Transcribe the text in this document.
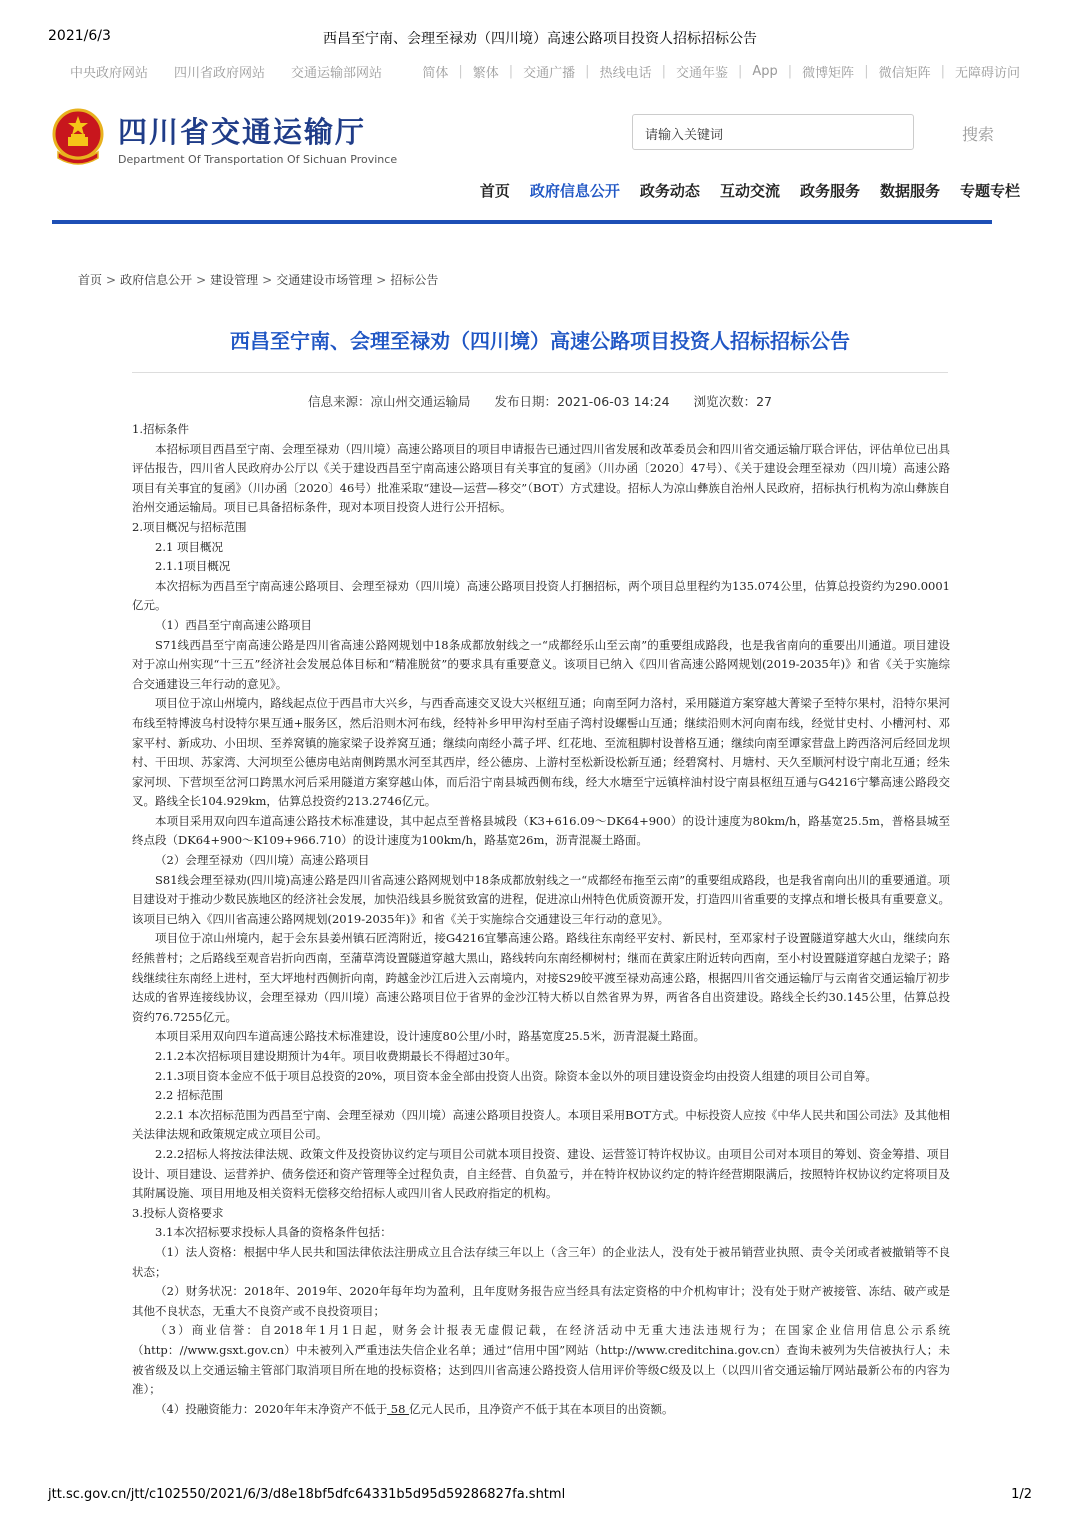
2021/6/3	西昌至宁南、会理至禄劝（四川境）高速公路项目投资人招标招标公告
中央政府网站 四川省政府网站 交通运输部网站	简体 | 繁体 | 交通广播 | 热线电话 | 交通年鉴 | App | 微博矩阵 | 微信矩阵 | 无障碍访问
四川省交通运输厅
Department Of Transportation Of Sichuan Province
请输入关键词	搜索
首页 政府信息公开 政务动态 互动交流 政务服务 数据服务 专题专栏
首页 > 政府信息公开 > 建设管理 > 交通建设市场管理 > 招标公告
西昌至宁南、会理至禄劝（四川境）高速公路项目投资人招标招标公告
信息来源：凉山州交通运输局 发布日期：2021-06-03 14:24 浏览次数：27

1.招标条件

本招标项目西昌至宁南、会理至禄劝（四川境）高速公路项目的项目申请报告已通过四川省发展和改革委员会和四川省交通运输厅联合评估，评估单位已出具评估报告，四川省人民政府办公厅以《关于建设西昌至宁南高速公路项目有关事宜的复函》（川办函〔2020〕47号）、《关于建设会理至禄劝（四川境）高速公路项目有关事宜的复函》（川办函〔2020〕46号）批准采取“建设—运营—移交”（BOT）方式建设。招标人为凉山彝族自治州人民政府，招标执行机构为凉山彝族自治州交通运输局。项目已具备招标条件，现对本项目投资人进行公开招标。

2.项目概况与招标范围

2.1 项目概况

2.1.1项目概况

本次招标为西昌至宁南高速公路项目、会理至禄劝（四川境）高速公路项目投资人打捆招标，两个项目总里程约为135.074公里，估算总投资约为290.0001亿元。

（1）西昌至宁南高速公路项目

S71线西昌至宁南高速公路是四川省高速公路网规划中18条成都放射线之一“成都经乐山至云南”的重要组成路段，也是我省南向的重要出川通道。项目建设对于凉山州实现“十三五”经济社会发展总体目标和“精准脱贫”的要求具有重要意义。该项目已纳入《四川省高速公路网规划(2019-2035年)》和省《关于实施综合交通建设三年行动的意见》。

项目位于凉山州境内，路线起点位于西昌市大兴乡，与西香高速交叉设大兴枢纽互通；向南至阿力洛村，采用隧道方案穿越大菁梁子至特尔果村，沿特尔果河布线至特博波乌村设特尔果互通+服务区，然后沿则木河布线，经特补乡甲甲沟村至庙子湾村设螺髻山互通；继续沿则木河向南布线，经觉甘史村、小槽河村、邓家平村、新成功、小田坝、至养窝镇的施家梁子设养窝互通；继续向南经小蒿子坪、红花地、至流租脚村设普格互通；继续向南至谭家营盘上跨西洛河后经回龙坝村、干田坝、苏家湾、大河坝至公德房电站南侧跨黑水河至其西岸，经公德房、上游村至松新设松新互通；经碧窝村、月塘村、天久至顺河村设宁南北互通；经朱家河坝、下营坝至岔河口跨黑水河后采用隧道方案穿越山体，而后沿宁南县城西侧布线，经大水塘至宁远镇梓油村设宁南县枢纽互通与G4216宁攀高速公路段交叉。路线全长104.929km，估算总投资约213.2746亿元。

本项目采用双向四车道高速公路技术标准建设，其中起点至普格县城段（K3+616.09～DK64+900）的设计速度为80km/h，路基宽25.5m，普格县城至终点段（DK64+900～K109+966.710）的设计速度为100km/h，路基宽26m，沥青混凝土路面。

（2）会理至禄劝（四川境）高速公路项目

S81线会理至禄劝(四川境)高速公路是四川省高速公路网规划中18条成都放射线之一“成都经布拖至云南”的重要组成路段，也是我省南向出川的重要通道。项目建设对于推动少数民族地区的经济社会发展，加快沿线县乡脱贫致富的进程，促进凉山州特色优质资源开发，打造四川省重要的支撑点和增长极具有重要意义。该项目已纳入《四川省高速公路网规划(2019-2035年)》和省《关于实施综合交通建设三年行动的意见》。

项目位于凉山州境内，起于会东县姜州镇石匠湾附近，接G4216宜攀高速公路。路线往东南经平安村、新民村，至邓家村子设置隧道穿越大火山，继续向东经熊普村；之后路线至观音岩折向西南，至蒲草湾设置隧道穿越大黑山，路线转向东南经柳树村；继而在黄家庄附近转向西南，至小村设置隧道穿越白龙梁子；路线继续往东南经上进村，至大坪地村西侧折向南，跨越金沙江后进入云南境内，对接S29皎平渡至禄劝高速公路，根据四川省交通运输厅与云南省交通运输厅初步达成的省界连接线协议，会理至禄劝（四川境）高速公路项目位于省界的金沙江特大桥以自然省界为界，两省各自出资建设。路线全长约30.145公里，估算总投资约76.7255亿元。

本项目采用双向四车道高速公路技术标准建设，设计速度80公里/小时，路基宽度25.5米，沥青混凝土路面。

2.1.2本次招标项目建设期预计为4年。项目收费期最长不得超过30年。

2.1.3项目资本金应不低于项目总投资的20%，项目资本金全部由投资人出资。除资本金以外的项目建设资金均由投资人组建的项目公司自筹。

2.2 招标范围

2.2.1 本次招标范围为西昌至宁南、会理至禄劝（四川境）高速公路项目投资人。本项目采用BOT方式。中标投资人应按《中华人民共和国公司法》及其他相关法律法规和政策规定成立项目公司。

2.2.2招标人将按法律法规、政策文件及投资协议约定与项目公司就本项目投资、建设、运营签订特许权协议。由项目公司对本项目的筹划、资金筹措、项目设计、项目建设、运营养护、债务偿还和资产管理等全过程负责，自主经营、自负盈亏，并在特许权协议约定的特许经营期限满后，按照特许权协议约定将项目及其附属设施、项目用地及相关资料无偿移交给招标人或四川省人民政府指定的机构。

3.投标人资格要求

3.1本次招标要求投标人具备的资格条件包括：

（1）法人资格：根据中华人民共和国法律依法注册成立且合法存续三年以上（含三年）的企业法人，没有处于被吊销营业执照、责令关闭或者被撤销等不良状态；

（2）财务状况：2018年、2019年、2020年每年均为盈利，且年度财务报告应当经具有法定资格的中介机构审计；没有处于财产被接管、冻结、破产或是其他不良状态，无重大不良资产或不良投资项目；

（3）商业信誉：自2018年1月1日起，财务会计报表无虚假记载，在经济活动中无重大违法违规行为；在国家企业信用信息公示系统（http：//www.gsxt.gov.cn）中未被列入严重违法失信企业名单；通过“信用中国”网站（http://www.creditchina.gov.cn）查询未被列为失信被执行人；未被省级及以上交通运输主管部门取消项目所在地的投标资格；达到四川省高速公路投资人信用评价等级C级及以上（以四川省交通运输厅网站最新公布的内容为准）；

（4）投融资能力：2020年年末净资产不低于 58 亿元人民币，且净资产不低于其在本项目的出资额。

jtt.sc.gov.cn/jtt/c102550/2021/6/3/d8e18bf5dfc64331b5d95d59286827fa.shtml	1/2
